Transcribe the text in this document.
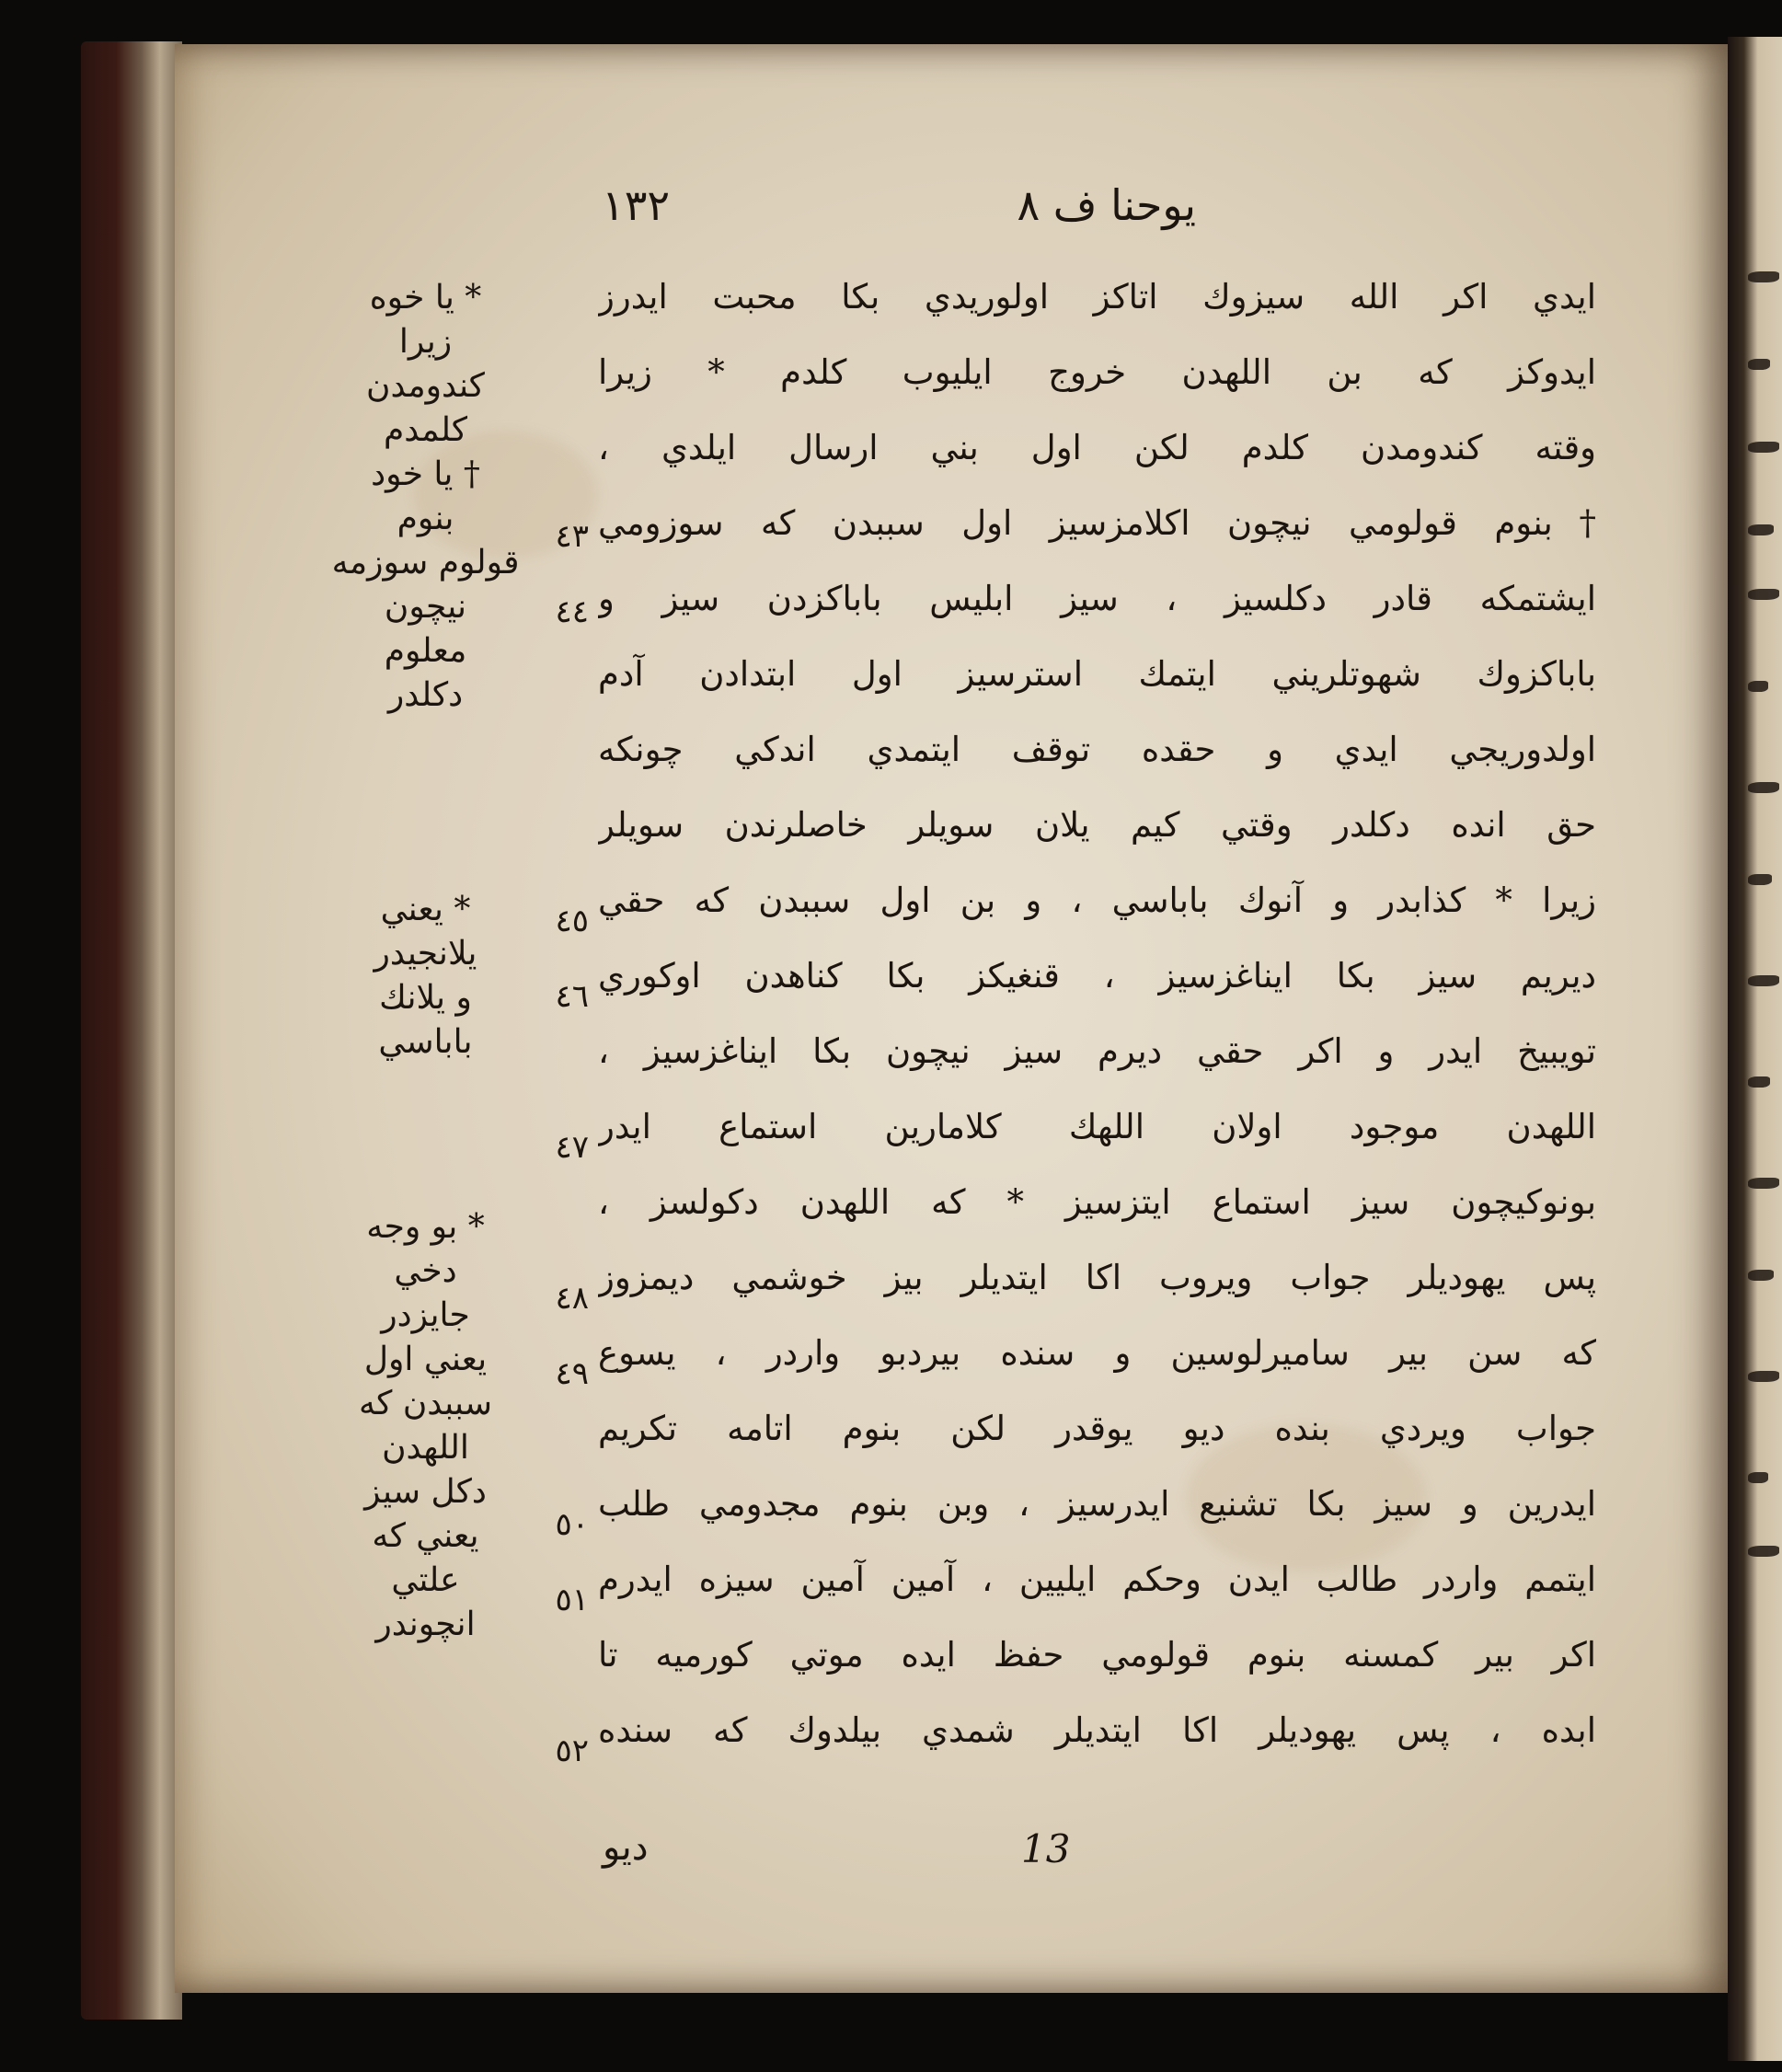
يوحنا ف ٨
١٣٢
ايدي اكر الله سيزوك اتاكز اولوريدي بكا محبت ايدرز
ايدوكز كه بن اللهدن خروج ايليوب كلدم * زيرا
وقته كندومدن كلدم لكن اول بني ارسال ايلدي ،
†بنوم قولومي نيچون اكلامزسيز اول سببدن كه سوزومي
ايشتمكه قادر دكلسيز ، سيز ابليس باباكزدن سيز و
باباكزوك شهوتلريني ايتمك استرسيز اول ابتدادن آدم
اولدوريجي ايدي و حقده توقف ايتمدي اندكي چونكه
حق انده دكلدر وقتي كيم يلان سويلر خاصلرندن سويلر
زيرا * كذابدر و آنوك باباسي ، و بن اول سببدن كه حقي
ديريم سيز بكا ايناغزسيز ، قنغيكز بكا كناهدن اوكوري
تويبيخ ايدر و اكر حقي ديرم سيز نيچون بكا ايناغزسيز ،
اللهدن موجود اولان اللهك كلامارين استماع ايدر
بونوكيچون سيز استماع ايتزسيز * كه اللهدن دكولسز ،
پس يهوديلر جواب ويروب اكا ايتديلر بيز خوشمي ديمزوز
كه سن بير ساميرلوسين و سنده بيردبو واردر ، يسوع
جواب ويردي بنده ديو يوقدر لكن بنوم اتامه تكريم
ايدرين و سيز بكا تشنيع ايدرسيز ، وبن بنوم مجدومي طلب
ايتمم واردر طالب ايدن وحكم ايليين ، آمين آمين سيزه ايدرم
اكر بير كمسنه بنوم قولومي حفظ ايده موتي كورميه تا
ابده ، پس يهوديلر اكا ايتديلر شمدي بيلدوك كه سنده
٤٣
٤٤
٤٥
٤٦
٤٧
٤٨
٤٩
٥٠
٥١
٥٢
* يا خوه
زيرا
كندومدن
كلمدم
† يا خود
بنوم
قولوم سوزمه
نيچون
معلوم
دكلدر
* يعني
يلانجيدر
و يلانك
باباسي
* بو وجه
دخي
جايزدر
يعني اول
سببدن كه
اللهدن
دكل سيز
يعني كه
علتي
انچوندر
ديو	13
